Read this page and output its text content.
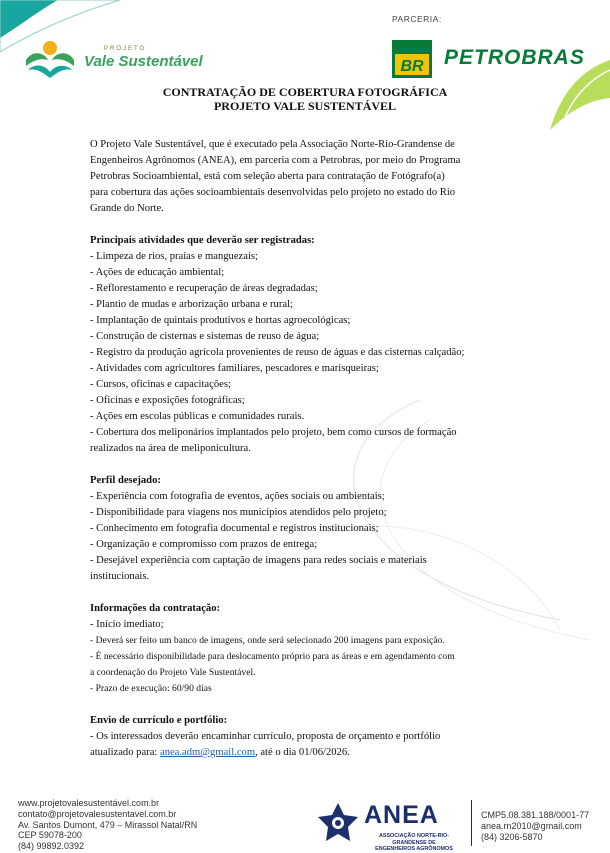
PROJETO
Vale Sustentável
PARCERIA:
BR PETROBRAS
CONTRATAÇÃO DE COBERTURA FOTOGRÁFICA
PROJETO VALE SUSTENTÁVEL

O Projeto Vale Sustentável, que é executado pela Associação Norte-Rio-Grandense de

Engenheiros Agrônomos (ANEA), em parceria com a Petrobras, por meio do Programa

Petrobras Socioambiental, está com seleção aberta para contratação de Fotógrafo(a)

para cobertura das ações socioambientais desenvolvidas pelo projeto no estado do Rio

Grande do Norte.

Principais atividades que deverão ser registradas:

- Limpeza de rios, praias e manguezais;

- Ações de educação ambiental;

- Reflorestamento e recuperação de áreas degradadas;

- Plantio de mudas e arborização urbana e rural;

- Implantação de quintais produtivos e hortas agroecológicas;

- Construção de cisternas e sistemas de reuso de água;

- Registro da produção agrícola provenientes de reuso de águas e das cisternas calçadão;

- Atividades com agricultores familiares, pescadores e marisqueiras;

- Cursos, oficinas e capacitações;

- Oficinas e exposições fotográficas;

- Ações em escolas públicas e comunidades rurais.

- Cobertura dos meliponários implantados pelo projeto, bem como cursos de formação

realizados na área de meliponicultura.

Perfil desejado:

- Experiência com fotografia de eventos, ações sociais ou ambientais;

- Disponibilidade para viagens nos municípios atendidos pelo projeto;

- Conhecimento em fotografia documental e registros institucionais;

- Organização e compromisso com prazos de entrega;

- Desejável experiência com captação de imagens para redes sociais e materiais

institucionais.

Informações da contratação:

- Início imediato;

- Deverá ser feito um banco de imagens, onde será selecionado 200 imagens para exposição.

- É necessário disponibilidade para deslocamento próprio para as áreas e em agendamento com

a coordenação do Projeto Vale Sustentável.

- Prazo de execução: 60/90 dias

Envio de currículo e portfólio:

- Os interessados deverão encaminhar currículo, proposta de orçamento e portfólio

atualizado para: anea.adm@gmail.com, até o dia 01/06/2026.

www.projetovalesustentável.com.br
contato@projetovalesustentavel.com.br
Av. Santos Dumont, 479 – Mirassol Natal/RN
CEP 59078-200
(84) 99892.0392
ANEA
ASSOCIAÇÃO NORTE-RIO-GRANDENSE DE
ENGENHEIROS AGRÔNOMOS
CMP5.08.381.188/0001-77
anea.rn2010@gmail.com
(84) 3206-5870
